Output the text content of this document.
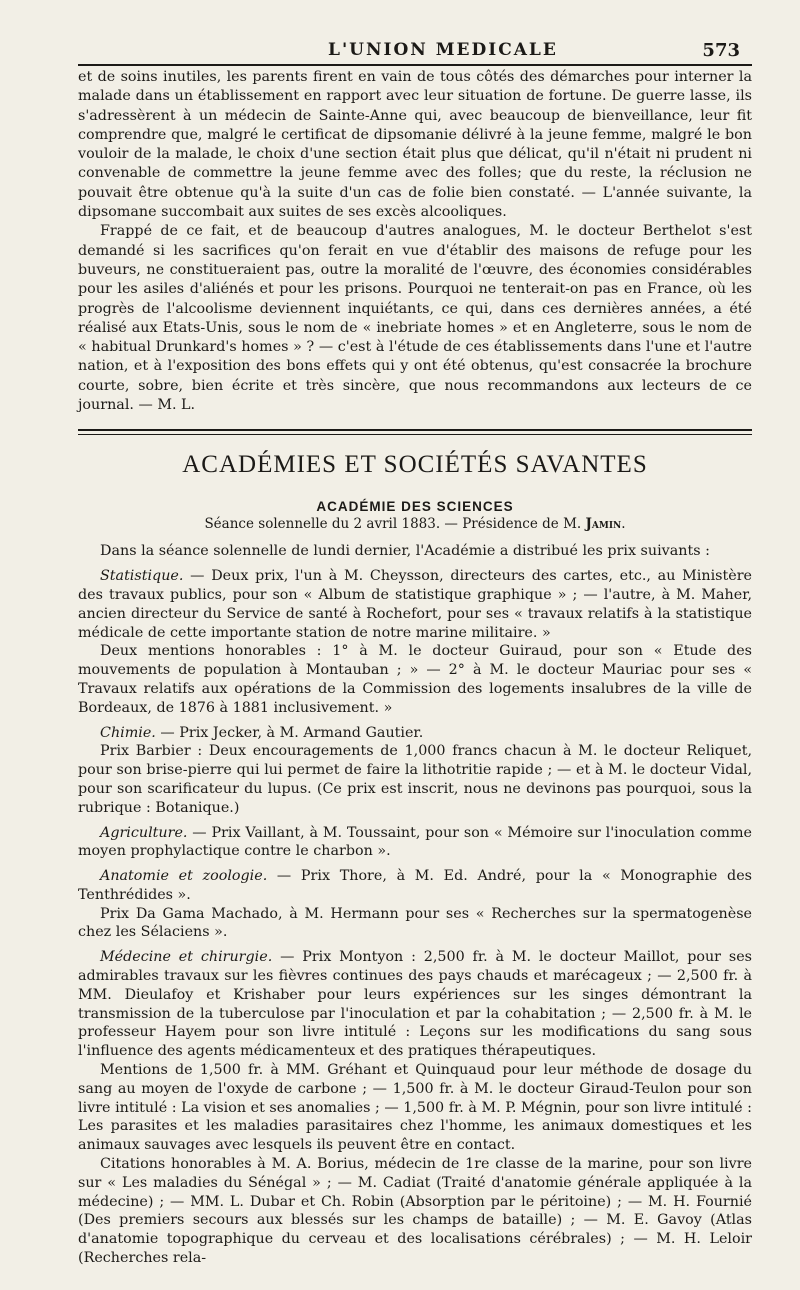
L'UNION MEDICALE	573

et de soins inutiles, les parents firent en vain de tous côtés des démarches pour interner la malade dans un établissement en rapport avec leur situation de fortune. De guerre lasse, ils s'adressèrent à un médecin de Sainte-Anne qui, avec beaucoup de bienveillance, leur fit comprendre que, malgré le certificat de dipsomanie délivré à la jeune femme, malgré le bon vouloir de la malade, le choix d'une section était plus que délicat, qu'il n'était ni prudent ni convenable de commettre la jeune femme avec des folles; que du reste, la réclusion ne pouvait être obtenue qu'à la suite d'un cas de folie bien constaté. — L'année suivante, la dipsomane succombait aux suites de ses excès alcooliques.

Frappé de ce fait, et de beaucoup d'autres analogues, M. le docteur Berthelot s'est demandé si les sacrifices qu'on ferait en vue d'établir des maisons de refuge pour les buveurs, ne constitueraient pas, outre la moralité de l'œuvre, des économies considérables pour les asiles d'aliénés et pour les prisons. Pourquoi ne tenterait-on pas en France, où les progrès de l'alcoolisme deviennent inquiétants, ce qui, dans ces dernières années, a été réalisé aux Etats-Unis, sous le nom de « inebriate homes » et en Angleterre, sous le nom de « habitual Drunkard's homes » ? — c'est à l'étude de ces établissements dans l'une et l'autre nation, et à l'exposition des bons effets qui y ont été obtenus, qu'est consacrée la brochure courte, sobre, bien écrite et très sincère, que nous recommandons aux lecteurs de ce journal. — M. L.

ACADÉMIES ET SOCIÉTÉS SAVANTES
ACADÉMIE DES SCIENCES
Séance solennelle du 2 avril 1883. — Présidence de M. Jamin.

Dans la séance solennelle de lundi dernier, l'Académie a distribué les prix suivants :

Statistique. — Deux prix, l'un à M. Cheysson, directeurs des cartes, etc., au Ministère des travaux publics, pour son « Album de statistique graphique » ; — l'autre, à M. Maher, ancien directeur du Service de santé à Rochefort, pour ses « travaux relatifs à la statistique médicale de cette importante station de notre marine militaire. »

Deux mentions honorables : 1° à M. le docteur Guiraud, pour son « Etude des mouvements de population à Montauban ; » — 2° à M. le docteur Mauriac pour ses « Travaux relatifs aux opérations de la Commission des logements insalubres de la ville de Bordeaux, de 1876 à 1881 inclusivement. »

Chimie. — Prix Jecker, à M. Armand Gautier.

Prix Barbier : Deux encouragements de 1,000 francs chacun à M. le docteur Reliquet, pour son brise-pierre qui lui permet de faire la lithotritie rapide ; — et à M. le docteur Vidal, pour son scarificateur du lupus. (Ce prix est inscrit, nous ne devinons pas pourquoi, sous la rubrique : Botanique.)

Agriculture. — Prix Vaillant, à M. Toussaint, pour son « Mémoire sur l'inoculation comme moyen prophylactique contre le charbon ».

Anatomie et zoologie. — Prix Thore, à M. Ed. André, pour la « Monographie des Tenthrédides ».

Prix Da Gama Machado, à M. Hermann pour ses « Recherches sur la spermatogenèse chez les Sélaciens ».

Médecine et chirurgie. — Prix Montyon : 2,500 fr. à M. le docteur Maillot, pour ses admirables travaux sur les fièvres continues des pays chauds et marécageux ; — 2,500 fr. à MM. Dieulafoy et Krishaber pour leurs expériences sur les singes démontrant la transmission de la tuberculose par l'inoculation et par la cohabitation ; — 2,500 fr. à M. le professeur Hayem pour son livre intitulé : Leçons sur les modifications du sang sous l'influence des agents médicamenteux et des pratiques thérapeutiques.

Mentions de 1,500 fr. à MM. Gréhant et Quinquaud pour leur méthode de dosage du sang au moyen de l'oxyde de carbone ; — 1,500 fr. à M. le docteur Giraud-Teulon pour son livre intitulé : La vision et ses anomalies ; — 1,500 fr. à M. P. Mégnin, pour son livre intitulé : Les parasites et les maladies parasitaires chez l'homme, les animaux domestiques et les animaux sauvages avec lesquels ils peuvent être en contact.

Citations honorables à M. A. Borius, médecin de 1re classe de la marine, pour son livre sur « Les maladies du Sénégal » ; — M. Cadiat (Traité d'anatomie générale appliquée à la médecine) ; — MM. L. Dubar et Ch. Robin (Absorption par le péritoine) ; — M. H. Fournié (Des premiers secours aux blessés sur les champs de bataille) ; — M. E. Gavoy (Atlas d'anatomie topographique du cerveau et des localisations cérébrales) ; — M. H. Leloir (Recherches rela-
